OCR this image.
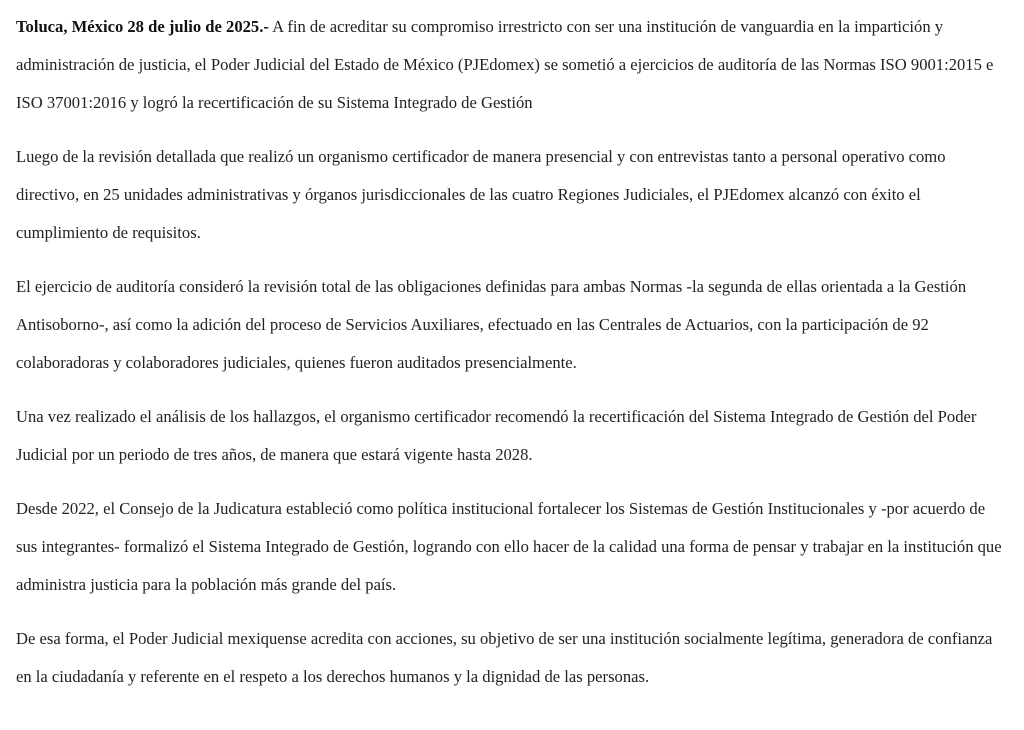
Toluca, México 28 de julio de 2025.- A fin de acreditar su compromiso irrestricto con ser una institución de vanguardia en la impartición y administración de justicia, el Poder Judicial del Estado de México (PJEdomex) se sometió a ejercicios de auditoría de las Normas ISO 9001:2015 e ISO 37001:2016 y logró la recertificación de su Sistema Integrado de Gestión

Luego de la revisión detallada que realizó un organismo certificador de manera presencial y con entrevistas tanto a personal operativo como directivo, en 25 unidades administrativas y órganos jurisdiccionales de las cuatro Regiones Judiciales, el PJEdomex alcanzó con éxito el cumplimiento de requisitos.

El ejercicio de auditoría consideró la revisión total de las obligaciones definidas para ambas Normas -la segunda de ellas orientada a la Gestión Antisoborno-, así como la adición del proceso de Servicios Auxiliares, efectuado en las Centrales de Actuarios, con la participación de 92 colaboradoras y colaboradores judiciales, quienes fueron auditados presencialmente.

Una vez realizado el análisis de los hallazgos, el organismo certificador recomendó la recertificación del Sistema Integrado de Gestión del Poder Judicial por un periodo de tres años, de manera que estará vigente hasta 2028.

Desde 2022, el Consejo de la Judicatura estableció como política institucional fortalecer los Sistemas de Gestión Institucionales y -por acuerdo de sus integrantes- formalizó el Sistema Integrado de Gestión, logrando con ello hacer de la calidad una forma de pensar y trabajar en la institución que administra justicia para la población más grande del país.

De esa forma, el Poder Judicial mexiquense acredita con acciones, su objetivo de ser una institución socialmente legítima, generadora de confianza en la ciudadanía y referente en el respeto a los derechos humanos y la dignidad de las personas.
